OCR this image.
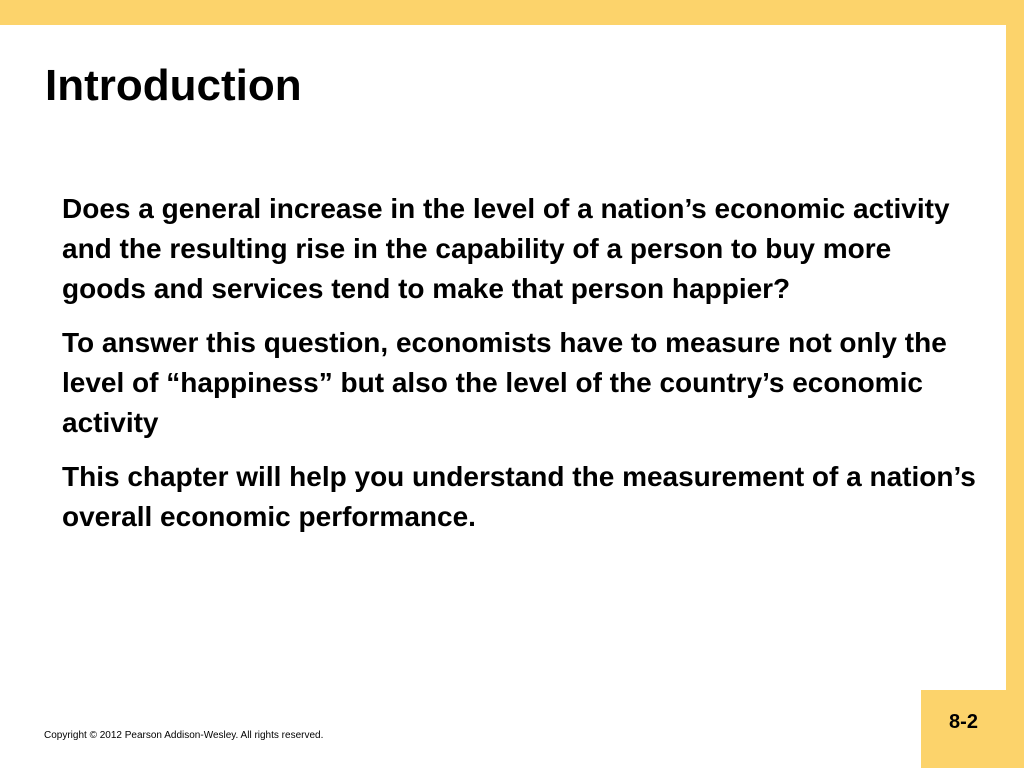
Introduction

Does a general increase in the level of a nation’s economic activity and the resulting rise in the capability of a person to buy more goods and services tend to make that person happier?

To answer this question, economists have to measure not only the level of “happiness” but also the level of the country’s economic activity

This chapter will help you understand the measurement of a nation’s overall economic performance.

Copyright © 2012 Pearson Addison-Wesley. All rights reserved.
8-2
